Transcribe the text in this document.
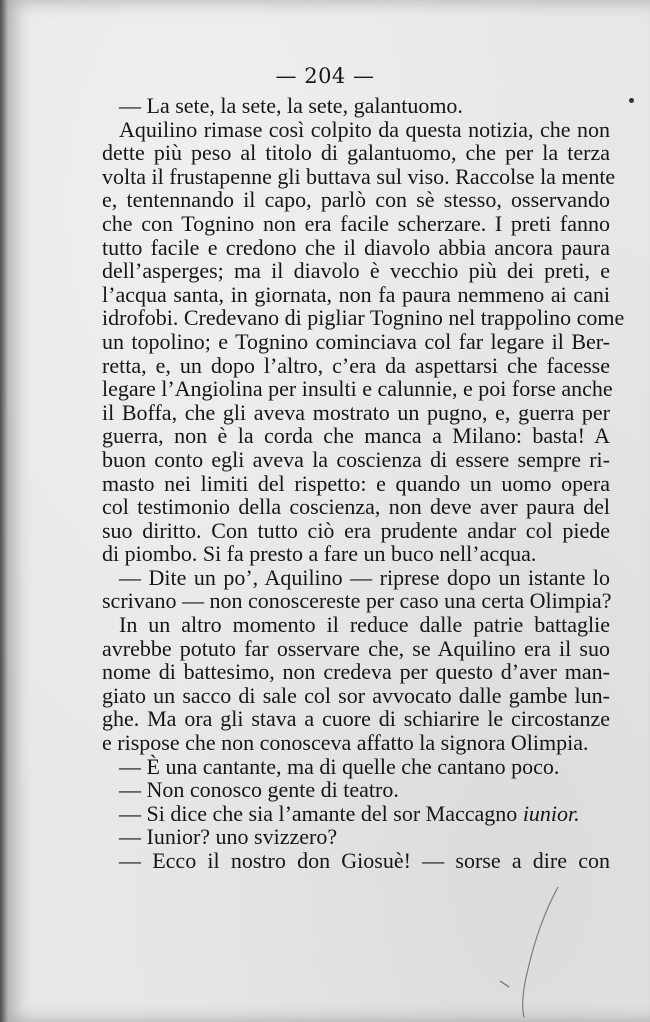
— 204 —
— La sete, la sete, la sete, galantuomo.
Aquilino rimase così colpito da questa notizia, che non
dette più peso al titolo di galantuomo, che per la terza
volta il frustapenne gli buttava sul viso. Raccolse la mente
e, tentennando il capo, parlò con sè stesso, osservando
che con Tognino non era facile scherzare. I preti fanno
tutto facile e credono che il diavolo abbia ancora paura
dell’asperges; ma il diavolo è vecchio più dei preti, e
l’acqua santa, in giornata, non fa paura nemmeno ai cani
idrofobi. Credevano di pigliar Tognino nel trappolino come
un topolino; e Tognino cominciava col far legare il Ber-
retta, e, un dopo l’altro, c’era da aspettarsi che facesse
legare l’Angiolina per insulti e calunnie, e poi forse anche
il Boffa, che gli aveva mostrato un pugno, e, guerra per
guerra, non è la corda che manca a Milano: basta! A
buon conto egli aveva la coscienza di essere sempre ri-
masto nei limiti del rispetto: e quando un uomo opera
col testimonio della coscienza, non deve aver paura del
suo diritto. Con tutto ciò era prudente andar col piede
di piombo. Si fa presto a fare un buco nell’acqua.
— Dite un po’, Aquilino — riprese dopo un istante lo
scrivano — non conoscereste per caso una certa Olimpia?
In un altro momento il reduce dalle patrie battaglie
avrebbe potuto far osservare che, se Aquilino era il suo
nome di battesimo, non credeva per questo d’aver man-
giato un sacco di sale col sor avvocato dalle gambe lun-
ghe. Ma ora gli stava a cuore di schiarire le circostanze
e rispose che non conosceva affatto la signora Olimpia.
— È una cantante, ma di quelle che cantano poco.
— Non conosco gente di teatro.
— Si dice che sia l’amante del sor Maccagno iunior.
— Iunior? uno svizzero?
— Ecco il nostro don Giosuè! — sorse a dire con
